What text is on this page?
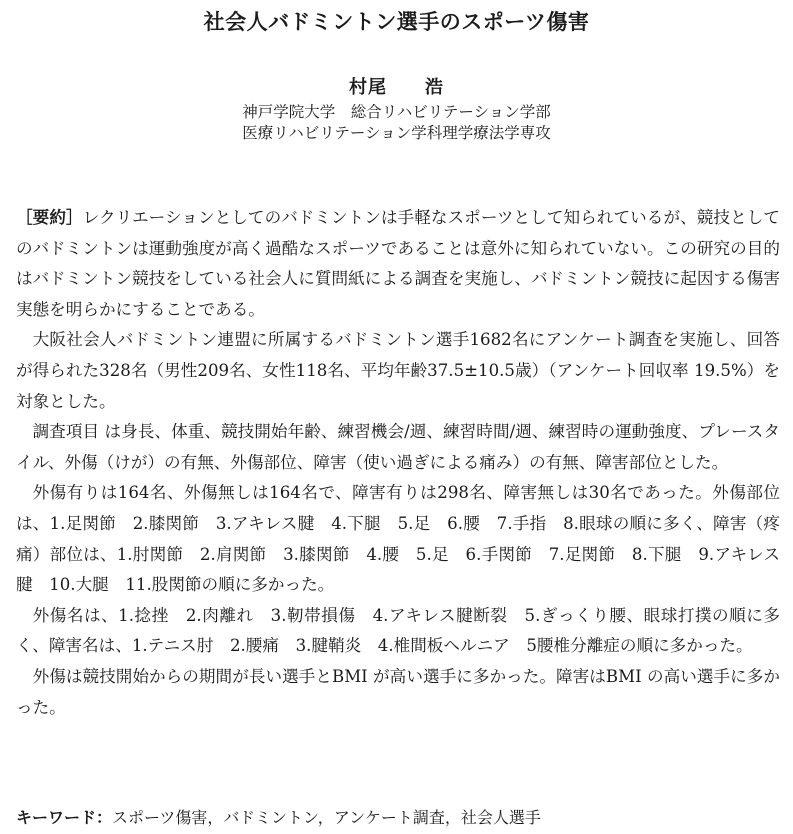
社会人バドミントン選手のスポーツ傷害
村尾　　浩
神戸学院大学　総合リハビリテーション学部
医療リハビリテーション学科理学療法学専攻

［要約］レクリエーションとしてのバドミントンは手軽なスポーツとして知られているが、競技としてのバドミントンは運動強度が高く過酷なスポーツであることは意外に知られていない。この研究の目的はバドミントン競技をしている社会人に質問紙による調査を実施し、バドミントン競技に起因する傷害実態を明らかにすることである。

大阪社会人バドミントン連盟に所属するバドミントン選手1682名にアンケート調査を実施し、回答が得られた328名（男性209名、女性118名、平均年齢37.5±10.5歳）（アンケート回収率 19.5%）を対象とした。

調査項目 は身長、体重、競技開始年齢、練習機会/週、練習時間/週、練習時の運動強度、プレースタイル、外傷（けが）の有無、外傷部位、障害（使い過ぎによる痛み）の有無、障害部位とした。

外傷有りは164名、外傷無しは164名で、障害有りは298名、障害無しは30名であった。外傷部位は、1.足関節　2.膝関節　3.アキレス腱　4.下腿　5.足　6.腰　7.手指　8.眼球の順に多く、障害（疼痛）部位は、1.肘関節　2.肩関節　3.膝関節　4.腰　5.足　6.手関節　7.足関節　8.下腿　9.アキレス腱　10.大腿　11.股関節の順に多かった。

外傷名は、1.捻挫　2.肉離れ　3.靭帯損傷　4.アキレス腱断裂　5.ぎっくり腰、眼球打撲の順に多く、障害名は、1.テニス肘　2.腰痛　3.腱鞘炎　4.椎間板ヘルニア　5腰椎分離症の順に多かった。

外傷は競技開始からの期間が長い選手とBMI が高い選手に多かった。障害はBMI の高い選手に多かった。

キーワード：スポーツ傷害，バドミントン，アンケート調査，社会人選手
